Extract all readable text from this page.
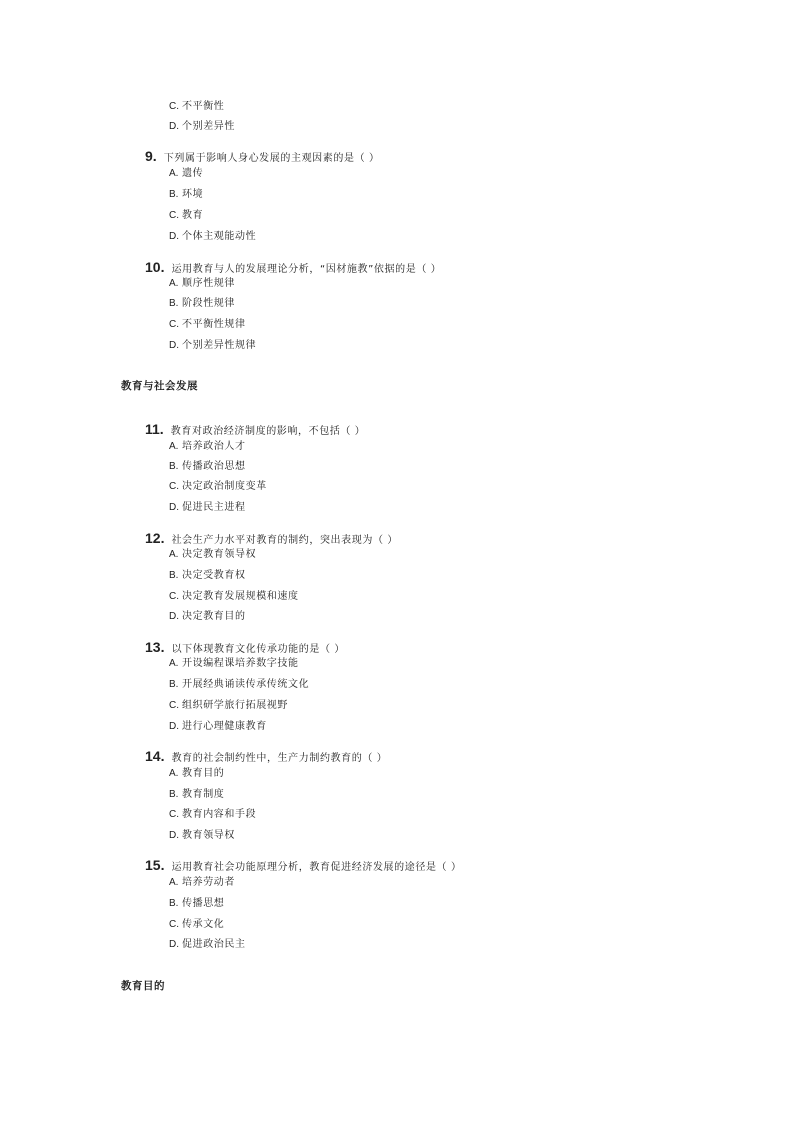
C. 不平衡性
D. 个别差异性
9. 下列属于影响人身心发展的主观因素的是（ ）
A. 遗传
B. 环境
C. 教育
D. 个体主观能动性
10. 运用教育与人的发展理论分析，“因材施教”依据的是（ ）
A. 顺序性规律
B. 阶段性规律
C. 不平衡性规律
D. 个别差异性规律
教育与社会发展
11. 教育对政治经济制度的影响，不包括（ ）
A. 培养政治人才
B. 传播政治思想
C. 决定政治制度变革
D. 促进民主进程
12. 社会生产力水平对教育的制约，突出表现为（ ）
A. 决定教育领导权
B. 决定受教育权
C. 决定教育发展规模和速度
D. 决定教育目的
13. 以下体现教育文化传承功能的是（ ）
A. 开设编程课培养数字技能
B. 开展经典诵读传承传统文化
C. 组织研学旅行拓展视野
D. 进行心理健康教育
14. 教育的社会制约性中，生产力制约教育的（ ）
A. 教育目的
B. 教育制度
C. 教育内容和手段
D. 教育领导权
15. 运用教育社会功能原理分析，教育促进经济发展的途径是（ ）
A. 培养劳动者
B. 传播思想
C. 传承文化
D. 促进政治民主
教育目的
